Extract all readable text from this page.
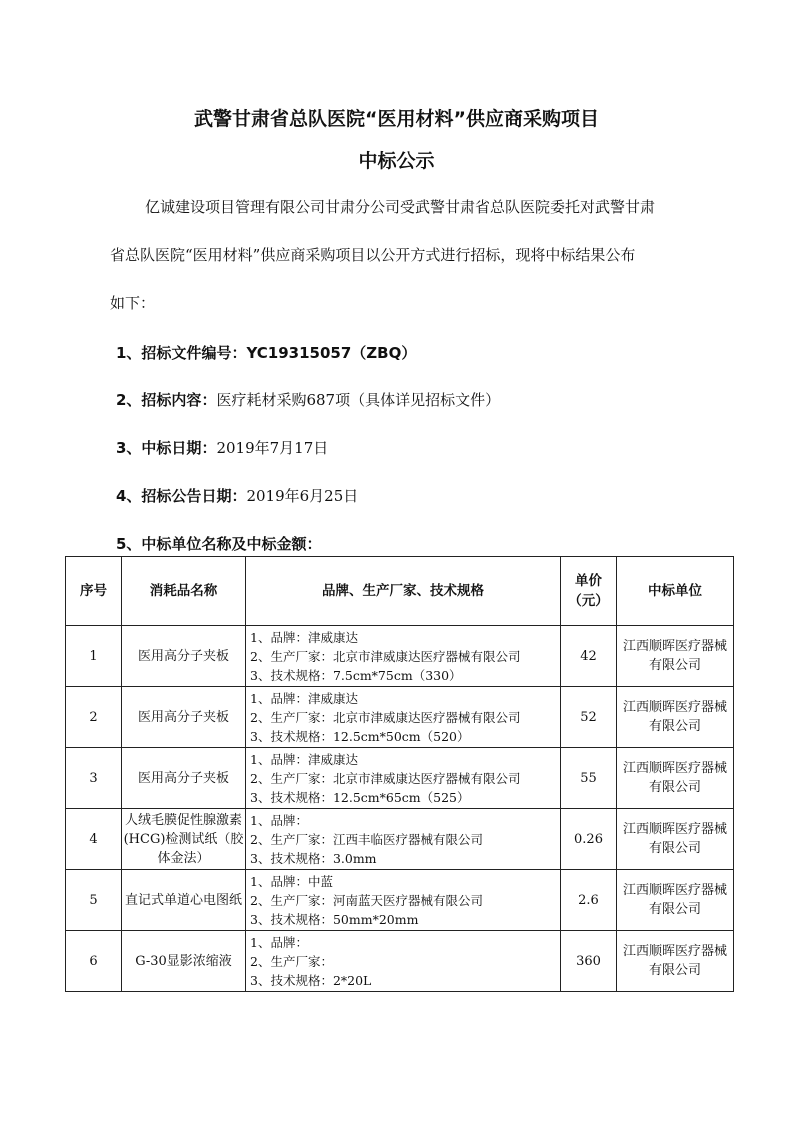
武警甘肃省总队医院“医用材料”供应商采购项目
中标公示
亿诚建设项目管理有限公司甘肃分公司受武警甘肃省总队医院委托对武警甘肃
省总队医院“医用材料”供应商采购项目以公开方式进行招标，现将中标结果公布
如下：
1、招标文件编号：YC19315057（ZBQ）
2、招标内容：医疗耗材采购687项（具体详见招标文件）
3、中标日期：2019年7月17日
4、招标公告日期：2019年6月25日
5、中标单位名称及中标金额：
序号	消耗品名称	品牌、生产厂家、技术规格	单价
（元）	中标单位
1	医用高分子夹板	1、品牌：津威康达
2、生产厂家：北京市津威康达医疗器械有限公司
3、技术规格：7.5cm*75cm（330）	42	江西顺晖医疗器械有限公司
2	医用高分子夹板	1、品牌：津威康达
2、生产厂家：北京市津威康达医疗器械有限公司
3、技术规格：12.5cm*50cm（520）	52	江西顺晖医疗器械有限公司
3	医用高分子夹板	1、品牌：津威康达
2、生产厂家：北京市津威康达医疗器械有限公司
3、技术规格：12.5cm*65cm（525）	55	江西顺晖医疗器械有限公司
4	人绒毛膜促性腺激素(HCG)检测试纸（胶体金法）	1、品牌：
2、生产厂家：江西丰临医疗器械有限公司
3、技术规格：3.0mm	0.26	江西顺晖医疗器械有限公司
5	直记式单道心电图纸	1、品牌：中蓝
2、生产厂家：河南蓝天医疗器械有限公司
3、技术规格：50mm*20mm	2.6	江西顺晖医疗器械有限公司
6	G-30显影浓缩液	1、品牌：
2、生产厂家：
3、技术规格：2*20L	360	江西顺晖医疗器械有限公司
